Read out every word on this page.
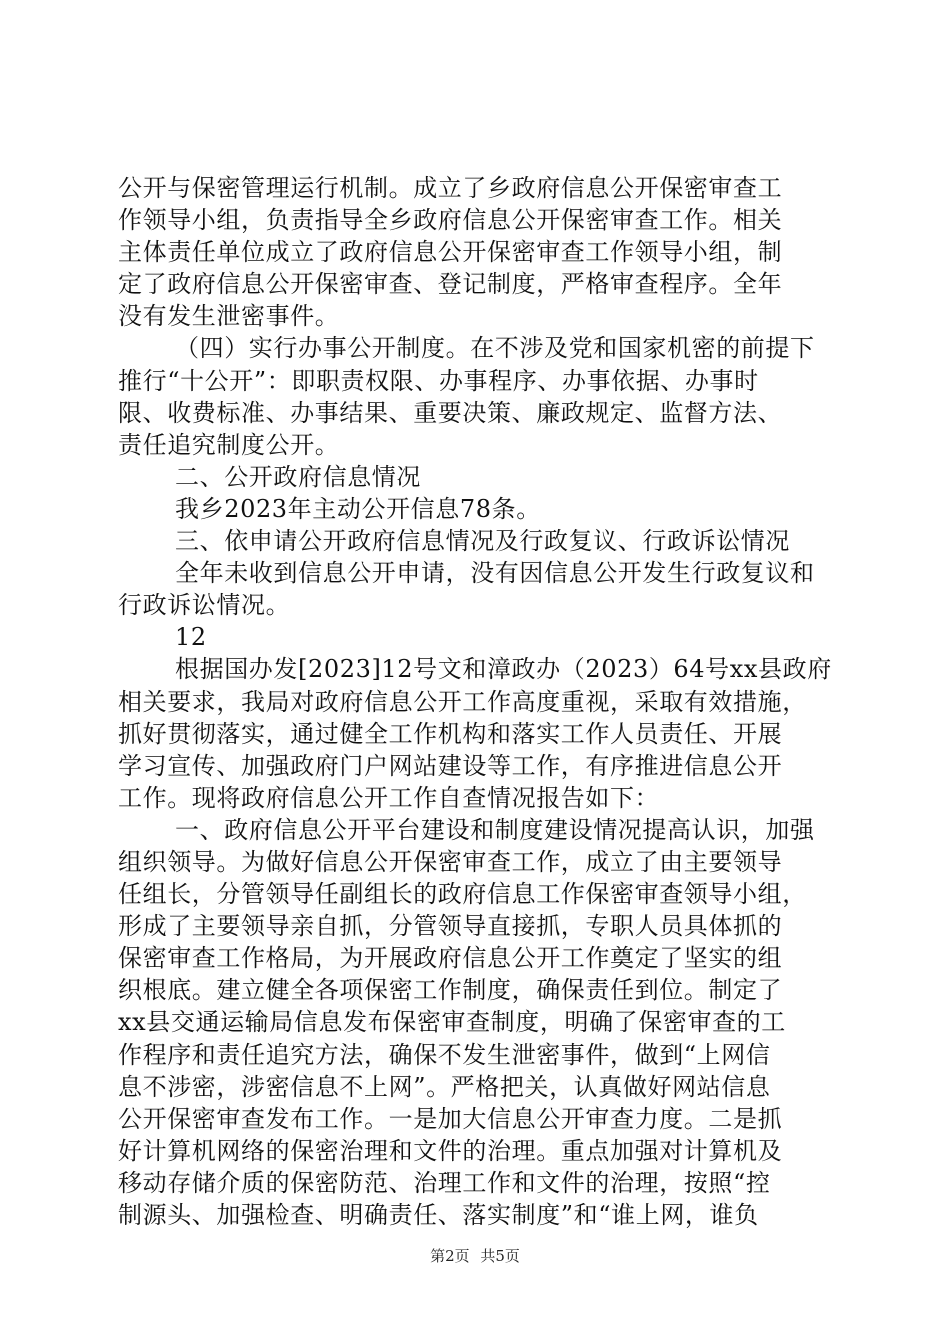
公开与保密管理运行机制。成立了乡政府信息公开保密审查工
作领导小组，负责指导全乡政府信息公开保密审查工作。相关
主体责任单位成立了政府信息公开保密审查工作领导小组，制
定了政府信息公开保密审查、登记制度，严格审查程序。全年
没有发生泄密事件。
（四）实行办事公开制度。在不涉及党和国家机密的前提下
推行“十公开”：即职责权限、办事程序、办事依据、办事时
限、收费标准、办事结果、重要决策、廉政规定、监督方法、
责任追究制度公开。
二、公开政府信息情况
我乡2023年主动公开信息78条。
三、依申请公开政府信息情况及行政复议、行政诉讼情况
全年未收到信息公开申请，没有因信息公开发生行政复议和
行政诉讼情况。
12
根据国办发[2023]12号文和漳政办（2023）64号xx县政府
相关要求，我局对政府信息公开工作高度重视，采取有效措施，
抓好贯彻落实，通过健全工作机构和落实工作人员责任、开展
学习宣传、加强政府门户网站建设等工作，有序推进信息公开
工作。现将政府信息公开工作自查情况报告如下：
一、政府信息公开平台建设和制度建设情况提高认识，加强
组织领导。为做好信息公开保密审查工作，成立了由主要领导
任组长，分管领导任副组长的政府信息工作保密审查领导小组，
形成了主要领导亲自抓，分管领导直接抓，专职人员具体抓的
保密审查工作格局，为开展政府信息公开工作奠定了坚实的组
织根底。建立健全各项保密工作制度，确保责任到位。制定了
xx县交通运输局信息发布保密审查制度，明确了保密审查的工
作程序和责任追究方法，确保不发生泄密事件，做到“上网信
息不涉密，涉密信息不上网”。严格把关，认真做好网站信息
公开保密审查发布工作。一是加大信息公开审查力度。二是抓
好计算机网络的保密治理和文件的治理。重点加强对计算机及
移动存储介质的保密防范、治理工作和文件的治理，按照“控
制源头、加强检查、明确责任、落实制度”和“谁上网，谁负
第2页 共5页
